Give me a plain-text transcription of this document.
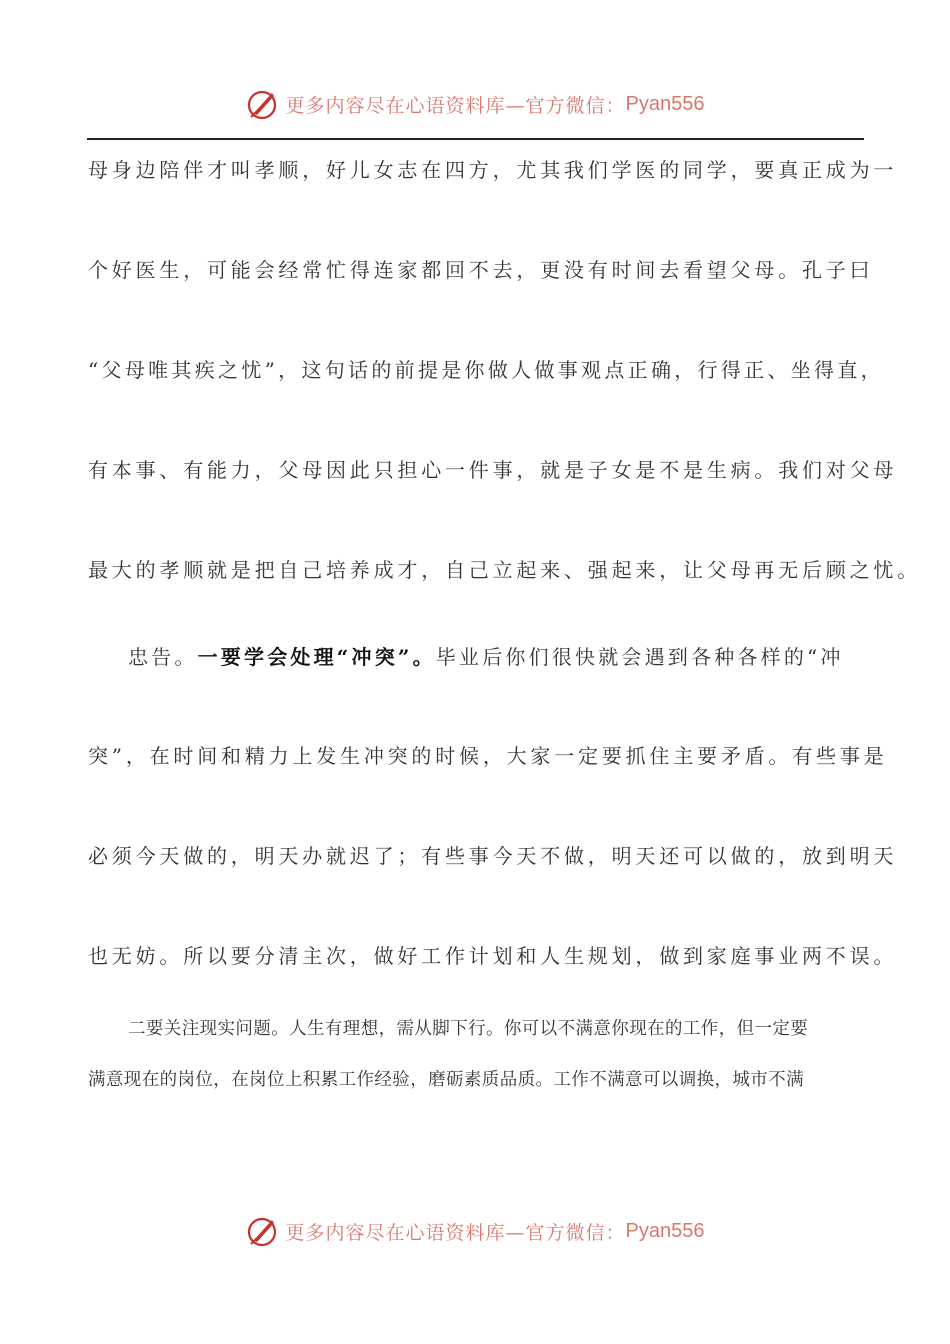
更多内容尽在心语资料库—官方微信： Pyan556
母身边陪伴才叫孝顺，好儿女志在四方，尤其我们学医的同学，要真正成为一
个好医生，可能会经常忙得连家都回不去，更没有时间去看望父母。孔子曰
“父母唯其疾之忧”，这句话的前提是你做人做事观点正确，行得正、坐得直，
有本事、有能力，父母因此只担心一件事，就是子女是不是生病。我们对父母
最大的孝顺就是把自己培养成才，自己立起来、强起来，让父母再无后顾之忧。
忠告。一要学会处理“冲突”。毕业后你们很快就会遇到各种各样的“冲
突”，在时间和精力上发生冲突的时候，大家一定要抓住主要矛盾。有些事是
必须今天做的，明天办就迟了；有些事今天不做，明天还可以做的，放到明天
也无妨。所以要分清主次，做好工作计划和人生规划，做到家庭事业两不误。
二要关注现实问题。人生有理想，需从脚下行。你可以不满意你现在的工作，但一定要
满意现在的岗位，在岗位上积累工作经验，磨砺素质品质。工作不满意可以调换，城市不满
更多内容尽在心语资料库—官方微信： Pyan556
